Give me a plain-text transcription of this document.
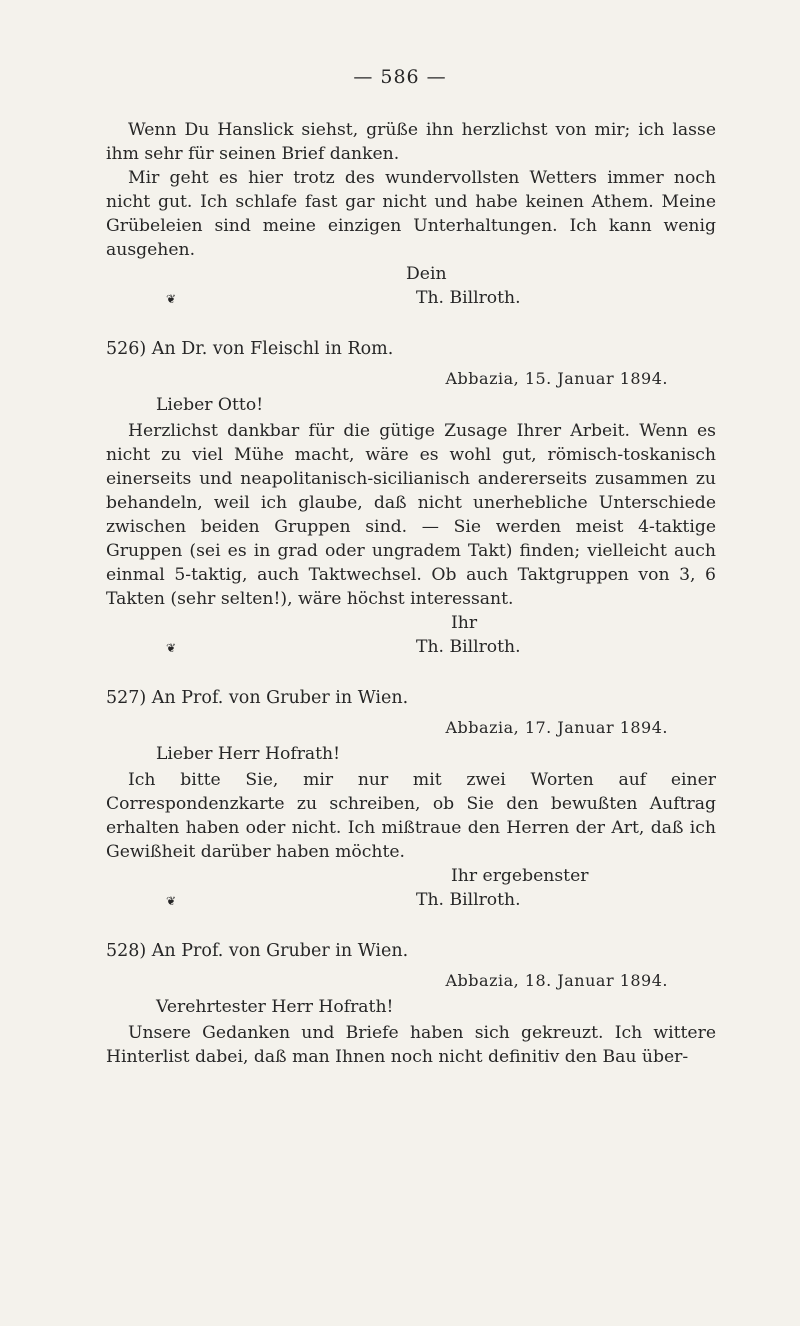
— 586 —

Wenn Du Hanslick siehst, grüße ihn herzlichst von mir; ich lasse ihm sehr für seinen Brief danken.

Mir geht es hier trotz des wundervollsten Wetters immer noch nicht gut. Ich schlafe fast gar nicht und habe keinen Athem. Meine Grübeleien sind meine einzigen Unterhaltungen. Ich kann wenig ausgehen.

Dein
❦	Th. Billroth.
526) An Dr. von Fleischl in Rom.
Abbazia, 15. Januar 1894.
Lieber Otto!

Herzlichst dankbar für die gütige Zusage Ihrer Arbeit. Wenn es nicht zu viel Mühe macht, wäre es wohl gut, römisch-toskanisch einerseits und neapolitanisch-sicilianisch andererseits zusammen zu behandeln, weil ich glaube, daß nicht unerhebliche Unterschiede zwischen beiden Gruppen sind. — Sie werden meist 4-taktige Gruppen (sei es in grad oder ungradem Takt) finden; vielleicht auch einmal 5-taktig, auch Taktwechsel. Ob auch Taktgruppen von 3, 6 Takten (sehr selten!), wäre höchst interessant.

Ihr
❦	Th. Billroth.
527) An Prof. von Gruber in Wien.
Abbazia, 17. Januar 1894.
Lieber Herr Hofrath!

Ich bitte Sie, mir nur mit zwei Worten auf einer Correspondenzkarte zu schreiben, ob Sie den bewußten Auftrag erhalten haben oder nicht. Ich mißtraue den Herren der Art, daß ich Gewißheit darüber haben möchte.

Ihr ergebenster
❦	Th. Billroth.
528) An Prof. von Gruber in Wien.
Abbazia, 18. Januar 1894.
Verehrtester Herr Hofrath!

Unsere Gedanken und Briefe haben sich gekreuzt. Ich wittere Hinterlist dabei, daß man Ihnen noch nicht definitiv den Bau über-
